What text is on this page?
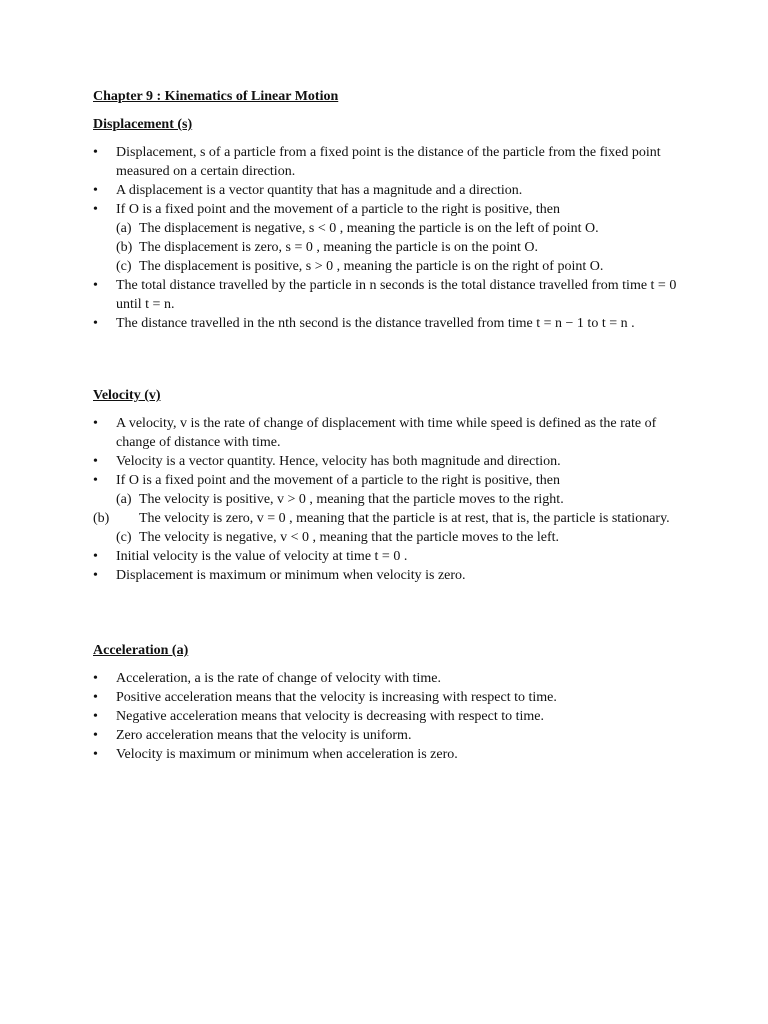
Chapter 9 : Kinematics of Linear Motion
Displacement (s)
•	Displacement, s of a particle from a fixed point is the distance of the particle from the fixed point measured on a certain direction.
•	A displacement is a vector quantity that has a magnitude and a direction.
•	If O is a fixed point and the movement of a particle to the right is positive, then
(a) The displacement is negative, s < 0 , meaning the particle is on the left of point O.
(b) The displacement is zero, s = 0 , meaning the particle is on the point O.
(c) The displacement is positive, s > 0 , meaning the particle is on the right of point O.
•	The total distance travelled by the particle in n seconds is the total distance travelled from time t = 0 until t = n.
•	The distance travelled in the nth second is the distance travelled from time t = n − 1 to t = n .
Velocity (v)
•	A velocity, v is the rate of change of displacement with time while speed is defined as the rate of change of distance with time.
•	Velocity is a vector quantity. Hence, velocity has both magnitude and direction.
•	If O is a fixed point and the movement of a particle to the right is positive, then
(a) The velocity is positive, v > 0 , meaning that the particle moves to the right.
(b) The velocity is zero, v = 0 , meaning that the particle is at rest, that is, the particle is stationary.
(c) The velocity is negative, v < 0 , meaning that the particle moves to the left.
•	Initial velocity is the value of velocity at time t = 0 .
•	Displacement is maximum or minimum when velocity is zero.
Acceleration (a)
•	Acceleration, a is the rate of change of velocity with time.
•	Positive acceleration means that the velocity is increasing with respect to time.
•	Negative acceleration means that velocity is decreasing with respect to time.
•	Zero acceleration means that the velocity is uniform.
•	Velocity is maximum or minimum when acceleration is zero.
